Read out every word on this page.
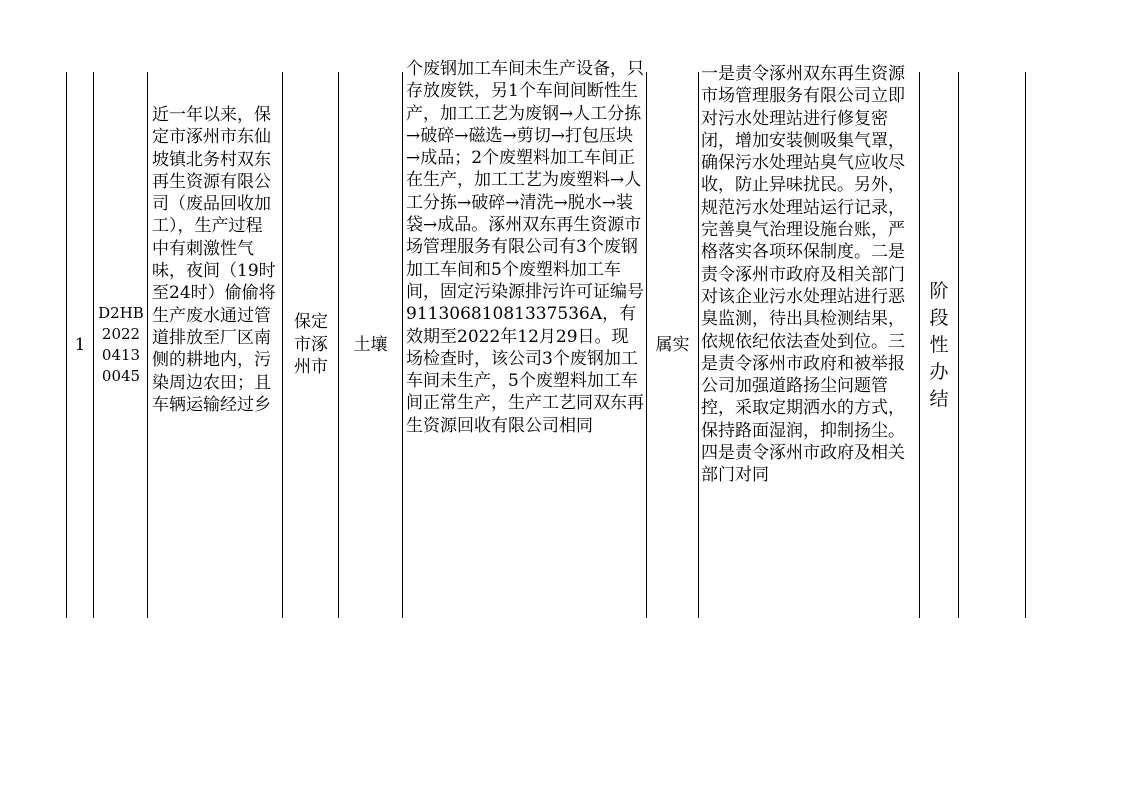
1
D2HB20220413 0045
近一年以来，保定市涿州市东仙坡镇北务村双东再生资源有限公司（废品回收加工），生产过程中有刺激性气味，夜间（19时至24时）偷偷将生产废水通过管道排放至厂区南侧的耕地内，污染周边农田；且车辆运输经过乡
保定市涿州市
土壤
个废钢加工车间未生产设备，只存放废铁，另1个车间间断性生产，加工工艺为废钢→人工分拣→破碎→磁选→剪切→打包压块→成品；2个废塑料加工车间正在生产，加工工艺为废塑料→人工分拣→破碎→清洗→脱水→装袋→成品。涿州双东再生资源市场管理服务有限公司有3个废钢加工车间和5个废塑料加工车间，固定污染源排污许可证编号 91130681081337536A，有效期至2022年12月29日。现场检查时，该公司3个废钢加工车间未生产，5个废塑料加工车间正常生产，生产工艺同双东再生资源回收有限公司相同
属实
一是责令涿州双东再生资源市场管理服务有限公司立即对污水处理站进行修复密闭，增加安装侧吸集气罩，确保污水处理站臭气应收尽收，防止异味扰民。另外，规范污水处理站运行记录，完善臭气治理设施台账，严格落实各项环保制度。二是责令涿州市政府及相关部门对该企业污水处理站进行恶臭监测，待出具检测结果，依规依纪依法查处到位。三是责令涿州市政府和被举报公司加强道路扬尘问题管控，采取定期洒水的方式，保持路面湿润，抑制扬尘。四是责令涿州市政府及相关部门对同
阶段性办结
